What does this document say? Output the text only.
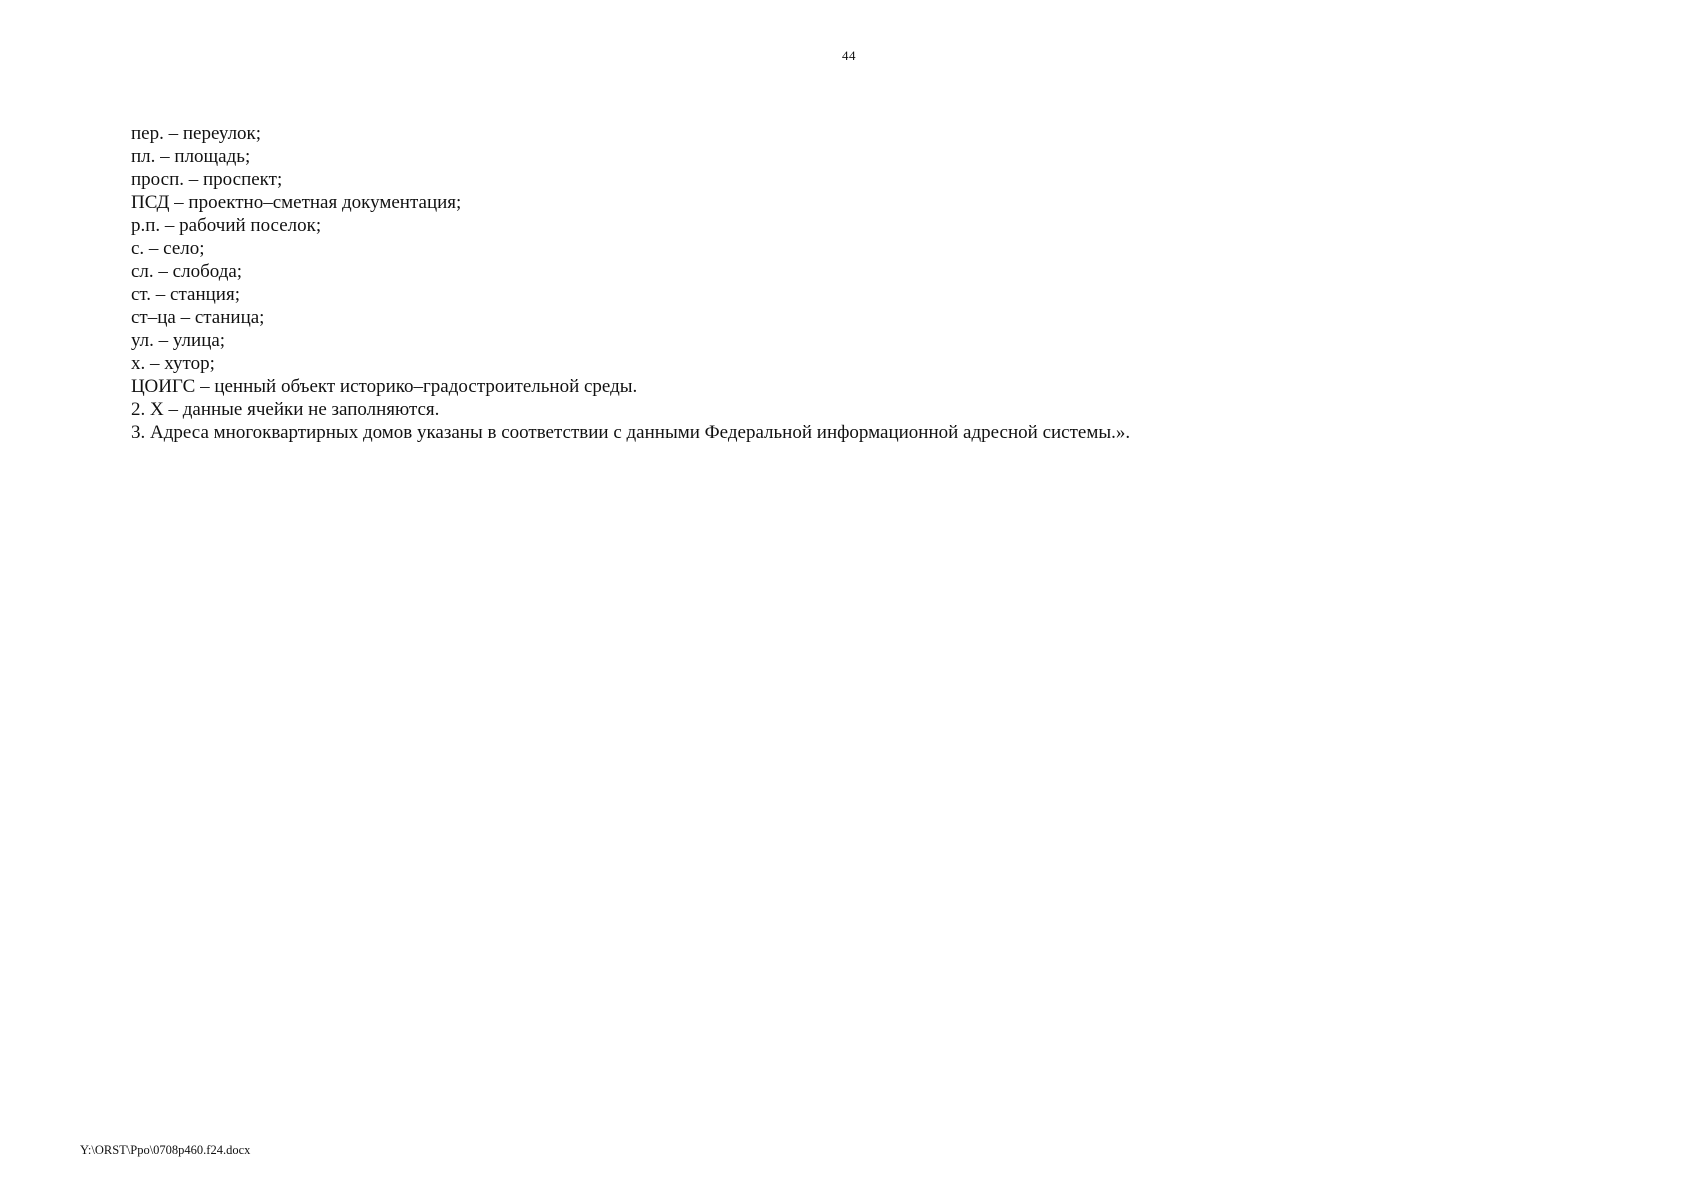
44
пер. – переулок;
пл. – площадь;
просп. – проспект;
ПСД – проектно–сметная документация;
р.п. – рабочий поселок;
с. – село;
сл. – слобода;
ст. – станция;
ст–ца – станица;
ул. – улица;
х. – хутор;
ЦОИГС – ценный объект историко–градостроительной среды.
2. Х – данные ячейки не заполняются.
3. Адреса многоквартирных домов указаны в соответствии с данными Федеральной информационной адресной системы.».
Y:\ORST\Ppo\0708p460.f24.docx
